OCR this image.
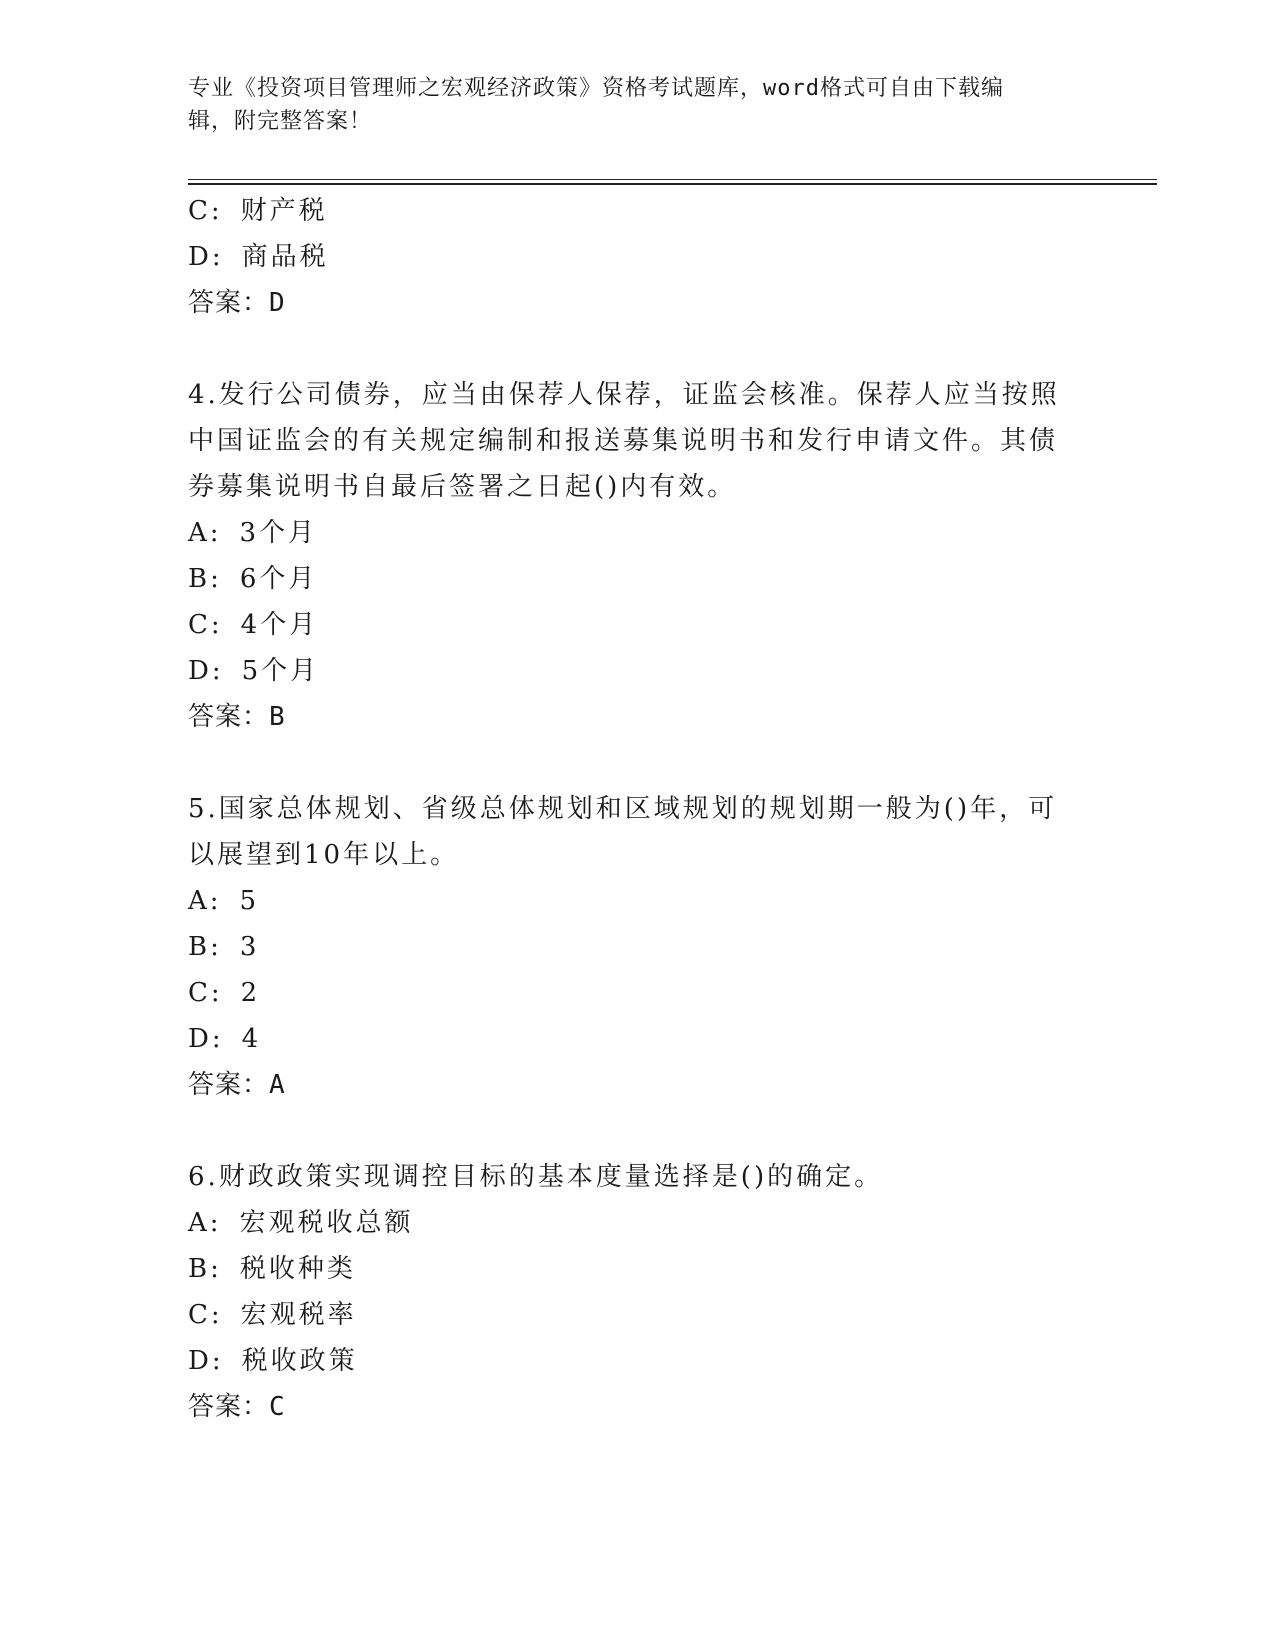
专业《投资项目管理师之宏观经济政策》资格考试题库，word格式可自由下载编
辑，附完整答案！
C: 财产税
D: 商品税
答案：D
4.发行公司债券，应当由保荐人保荐，证监会核准。保荐人应当按照
中国证监会的有关规定编制和报送募集说明书和发行申请文件。其债
券募集说明书自最后签署之日起()内有效。
A: 3个月
B: 6个月
C: 4个月
D: 5个月
答案：B
5.国家总体规划、省级总体规划和区域规划的规划期一般为()年，可
以展望到10年以上。
A: 5
B: 3
C: 2
D: 4
答案：A
6.财政政策实现调控目标的基本度量选择是()的确定。
A: 宏观税收总额
B: 税收种类
C: 宏观税率
D: 税收政策
答案：C
